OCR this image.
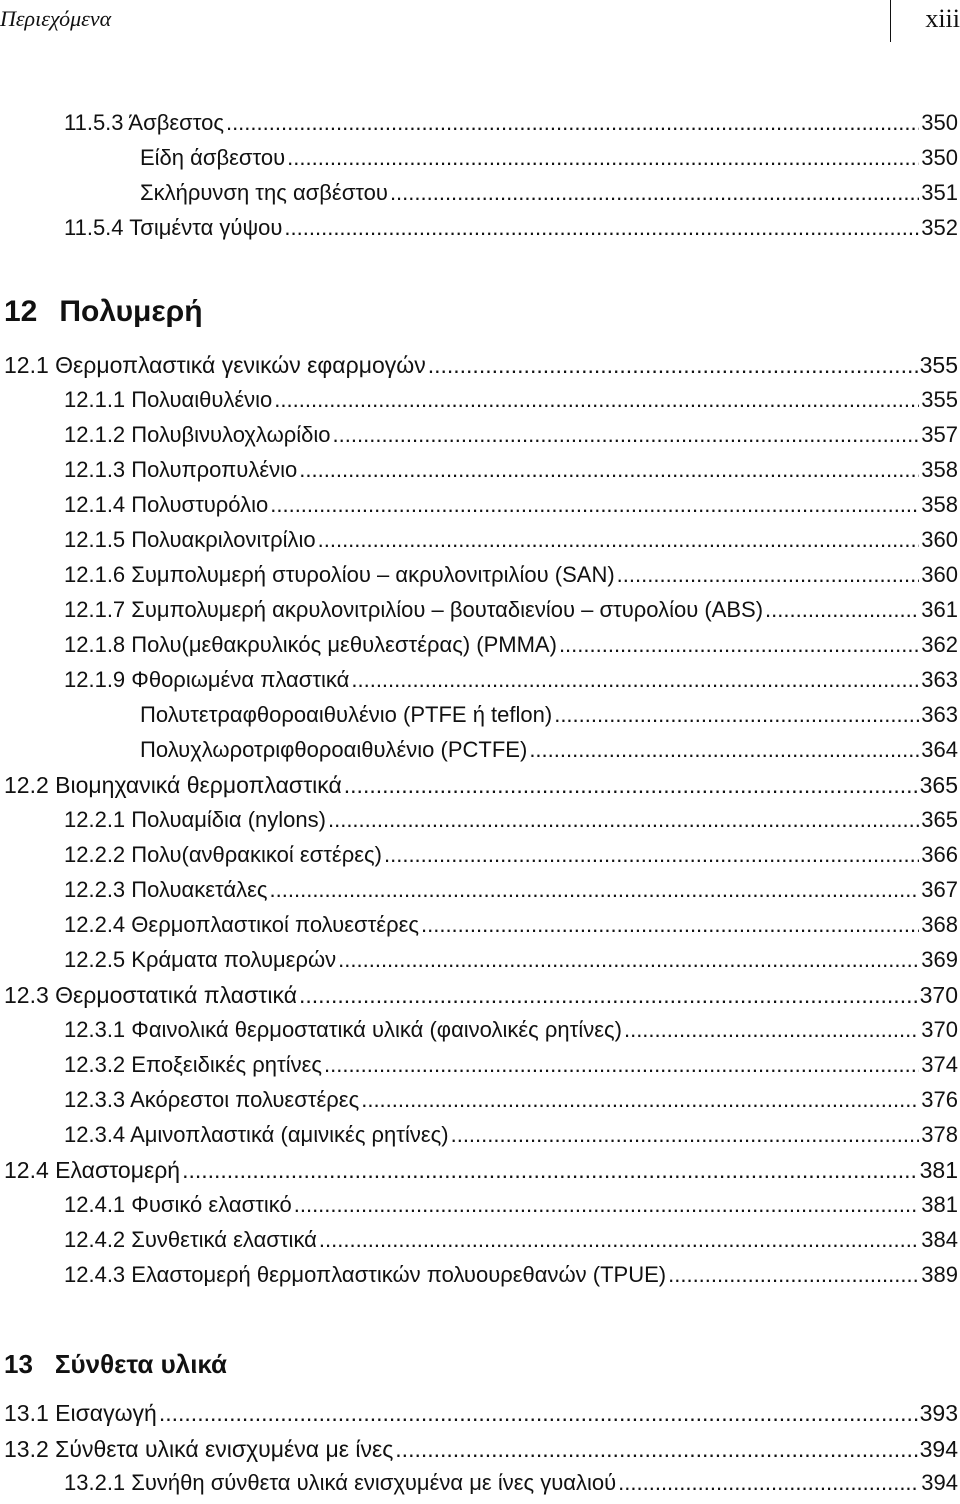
Περιεχόμενα	xiii
12 Πολυμερή
13 Σύνθετα υλικά
11.5.3 Άσβεστος .....	350
Είδη άσβεστου .....	350
Σκλήρυνση της ασβέστου .....	351
11.5.4 Τσιμέντα γύψου .....	352
12.1 Θερμοπλαστικά γενικών εφαρμογών .....	355
12.1.1 Πολυαιθυλένιο .....	355
12.1.2 Πολυβινυλοχλωρίδιο .....	357
12.1.3 Πολυπροπυλένιο .....	358
12.1.4 Πολυστυρόλιο .....	358
12.1.5 Πολυακριλονιτρίλιο .....	360
12.1.6 Συμπολυμερή στυρολίου – ακρυλονιτριλίου (SAN) .....	360
12.1.7 Συμπολυμερή ακρυλονιτριλίου – βουταδιενίου – στυρολίου (ABS) .....	361
12.1.8 Πολυ(μεθακρυλικός μεθυλεστέρας) (PMMA) .....	362
12.1.9 Φθοριωμένα πλαστικά .....	363
Πολυτετραφθοροαιθυλένιο (PTFE ή teflon) .....	363
Πολυχλωροτριφθοροαιθυλένιο (PCTFE) .....	364
12.2 Βιομηχανικά θερμοπλαστικά .....	365
12.2.1 Πολυαμίδια (nylons) .....	365
12.2.2 Πολυ(ανθρακικοί εστέρες) .....	366
12.2.3 Πολυακετάλες .....	367
12.2.4 Θερμοπλαστικοί πολυεστέρες .....	368
12.2.5 Κράματα πολυμερών .....	369
12.3 Θερμοστατικά πλαστικά .....	370
12.3.1 Φαινολικά θερμοστατικά υλικά (φαινολικές ρητίνες) .....	370
12.3.2 Εποξειδικές ρητίνες .....	374
12.3.3 Ακόρεστοι πολυεστέρες .....	376
12.3.4 Αμινοπλαστικά (αμινικές ρητίνες) .....	378
12.4 Ελαστομερή .....	381
12.4.1 Φυσικό ελαστικό .....	381
12.4.2 Συνθετικά ελαστικά .....	384
12.4.3 Ελαστομερή θερμοπλαστικών πολυουρεθανών (TPUE) .....	389
13.1 Εισαγωγή .....	393
13.2 Σύνθετα υλικά ενισχυμένα με ίνες .....	394
13.2.1 Συνήθη σύνθετα υλικά ενισχυμένα με ίνες γυαλιού .....	394
